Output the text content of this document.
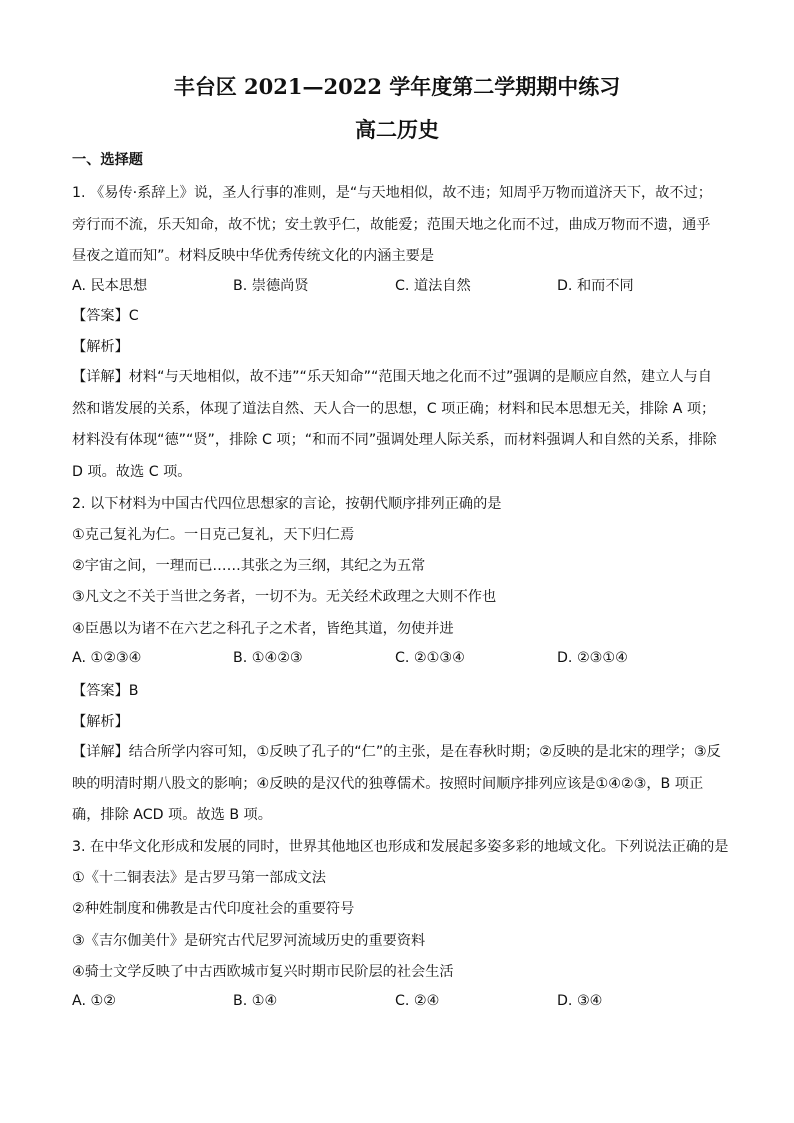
丰台区 2021—2022 学年度第二学期期中练习
高二历史
一、选择题
1. 《易传·系辞上》说，圣人行事的准则，是“与天地相似，故不违；知周乎万物而道济天下，故不过；旁行而不流，乐天知命，故不忧；安土敦乎仁，故能爱；范围天地之化而不过，曲成万物而不遗，通乎昼夜之道而知”。材料反映中华优秀传统文化的内涵主要是
A. 民本思想	B. 崇德尚贤	C. 道法自然	D. 和而不同
【答案】C
【解析】
【详解】材料“与天地相似，故不违”“乐天知命”“范围天地之化而不过”强调的是顺应自然，建立人与自然和谐发展的关系，体现了道法自然、天人合一的思想，C 项正确；材料和民本思想无关，排除 A 项；材料没有体现“德”“贤”，排除 C 项；“和而不同”强调处理人际关系，而材料强调人和自然的关系，排除 D 项。故选 C 项。
2. 以下材料为中国古代四位思想家的言论，按朝代顺序排列正确的是
①克己复礼为仁。一日克己复礼，天下归仁焉
②宇宙之间，一理而已……其张之为三纲，其纪之为五常
③凡文之不关于当世之务者，一切不为。无关经术政理之大则不作也
④臣愚以为诸不在六艺之科孔子之术者，皆绝其道，勿使并进
A. ①②③④	B. ①④②③	C. ②①③④	D. ②③①④
【答案】B
【解析】
【详解】结合所学内容可知，①反映了孔子的“仁”的主张，是在春秋时期；②反映的是北宋的理学；③反映的明清时期八股文的影响；④反映的是汉代的独尊儒术。按照时间顺序排列应该是①④②③，B 项正确，排除 ACD 项。故选 B 项。
3. 在中华文化形成和发展的同时，世界其他地区也形成和发展起多姿多彩的地域文化。下列说法正确的是
①《十二铜表法》是古罗马第一部成文法
②种姓制度和佛教是古代印度社会的重要符号
③《吉尔伽美什》是研究古代尼罗河流域历史的重要资料
④骑士文学反映了中古西欧城市复兴时期市民阶层的社会生活
A. ①②	B. ①④	C. ②④	D. ③④
